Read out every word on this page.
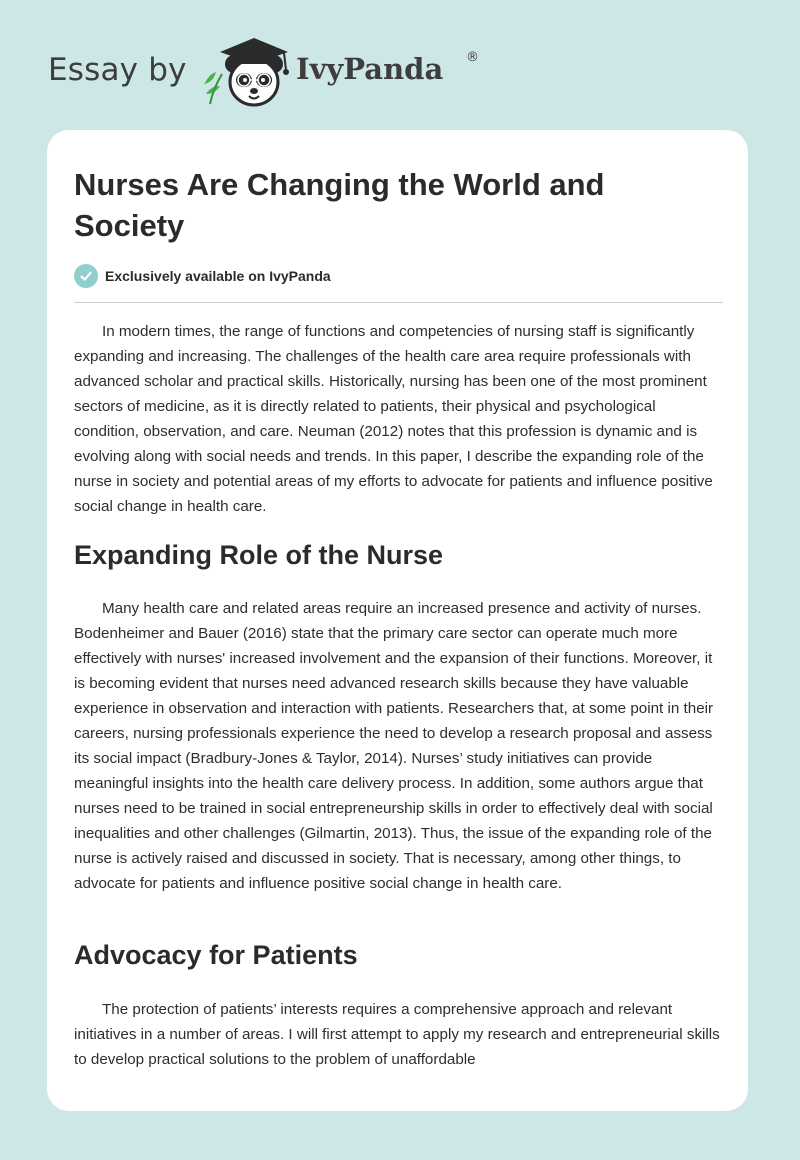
Essay by	IvyPanda ®
Nurses Are Changing the World and Society
Exclusively available on IvyPanda

In modern times, the range of functions and competencies of nursing staff is significantly expanding and increasing. The challenges of the health care area require professionals with advanced scholar and practical skills. Historically, nursing has been one of the most prominent sectors of medicine, as it is directly related to patients, their physical and psychological condition, observation, and care. Neuman (2012) notes that this profession is dynamic and is evolving along with social needs and trends. In this paper, I describe the expanding role of the nurse in society and potential areas of my efforts to advocate for patients and influence positive social change in health care.

Expanding Role of the Nurse

Many health care and related areas require an increased presence and activity of nurses. Bodenheimer and Bauer (2016) state that the primary care sector can operate much more effectively with nurses' increased involvement and the expansion of their functions. Moreover, it is becoming evident that nurses need advanced research skills because they have valuable experience in observation and interaction with patients. Researchers that, at some point in their careers, nursing professionals experience the need to develop a research proposal and assess its social impact (Bradbury-Jones & Taylor, 2014). Nurses’ study initiatives can provide meaningful insights into the health care delivery process. In addition, some authors argue that nurses need to be trained in social entrepreneurship skills in order to effectively deal with social inequalities and other challenges (Gilmartin, 2013). Thus, the issue of the expanding role of the nurse is actively raised and discussed in society. That is necessary, among other things, to advocate for patients and influence positive social change in health care.

Advocacy for Patients

The protection of patients’ interests requires a comprehensive approach and relevant initiatives in a number of areas. I will first attempt to apply my research and entrepreneurial skills to develop practical solutions to the problem of unaffordable
